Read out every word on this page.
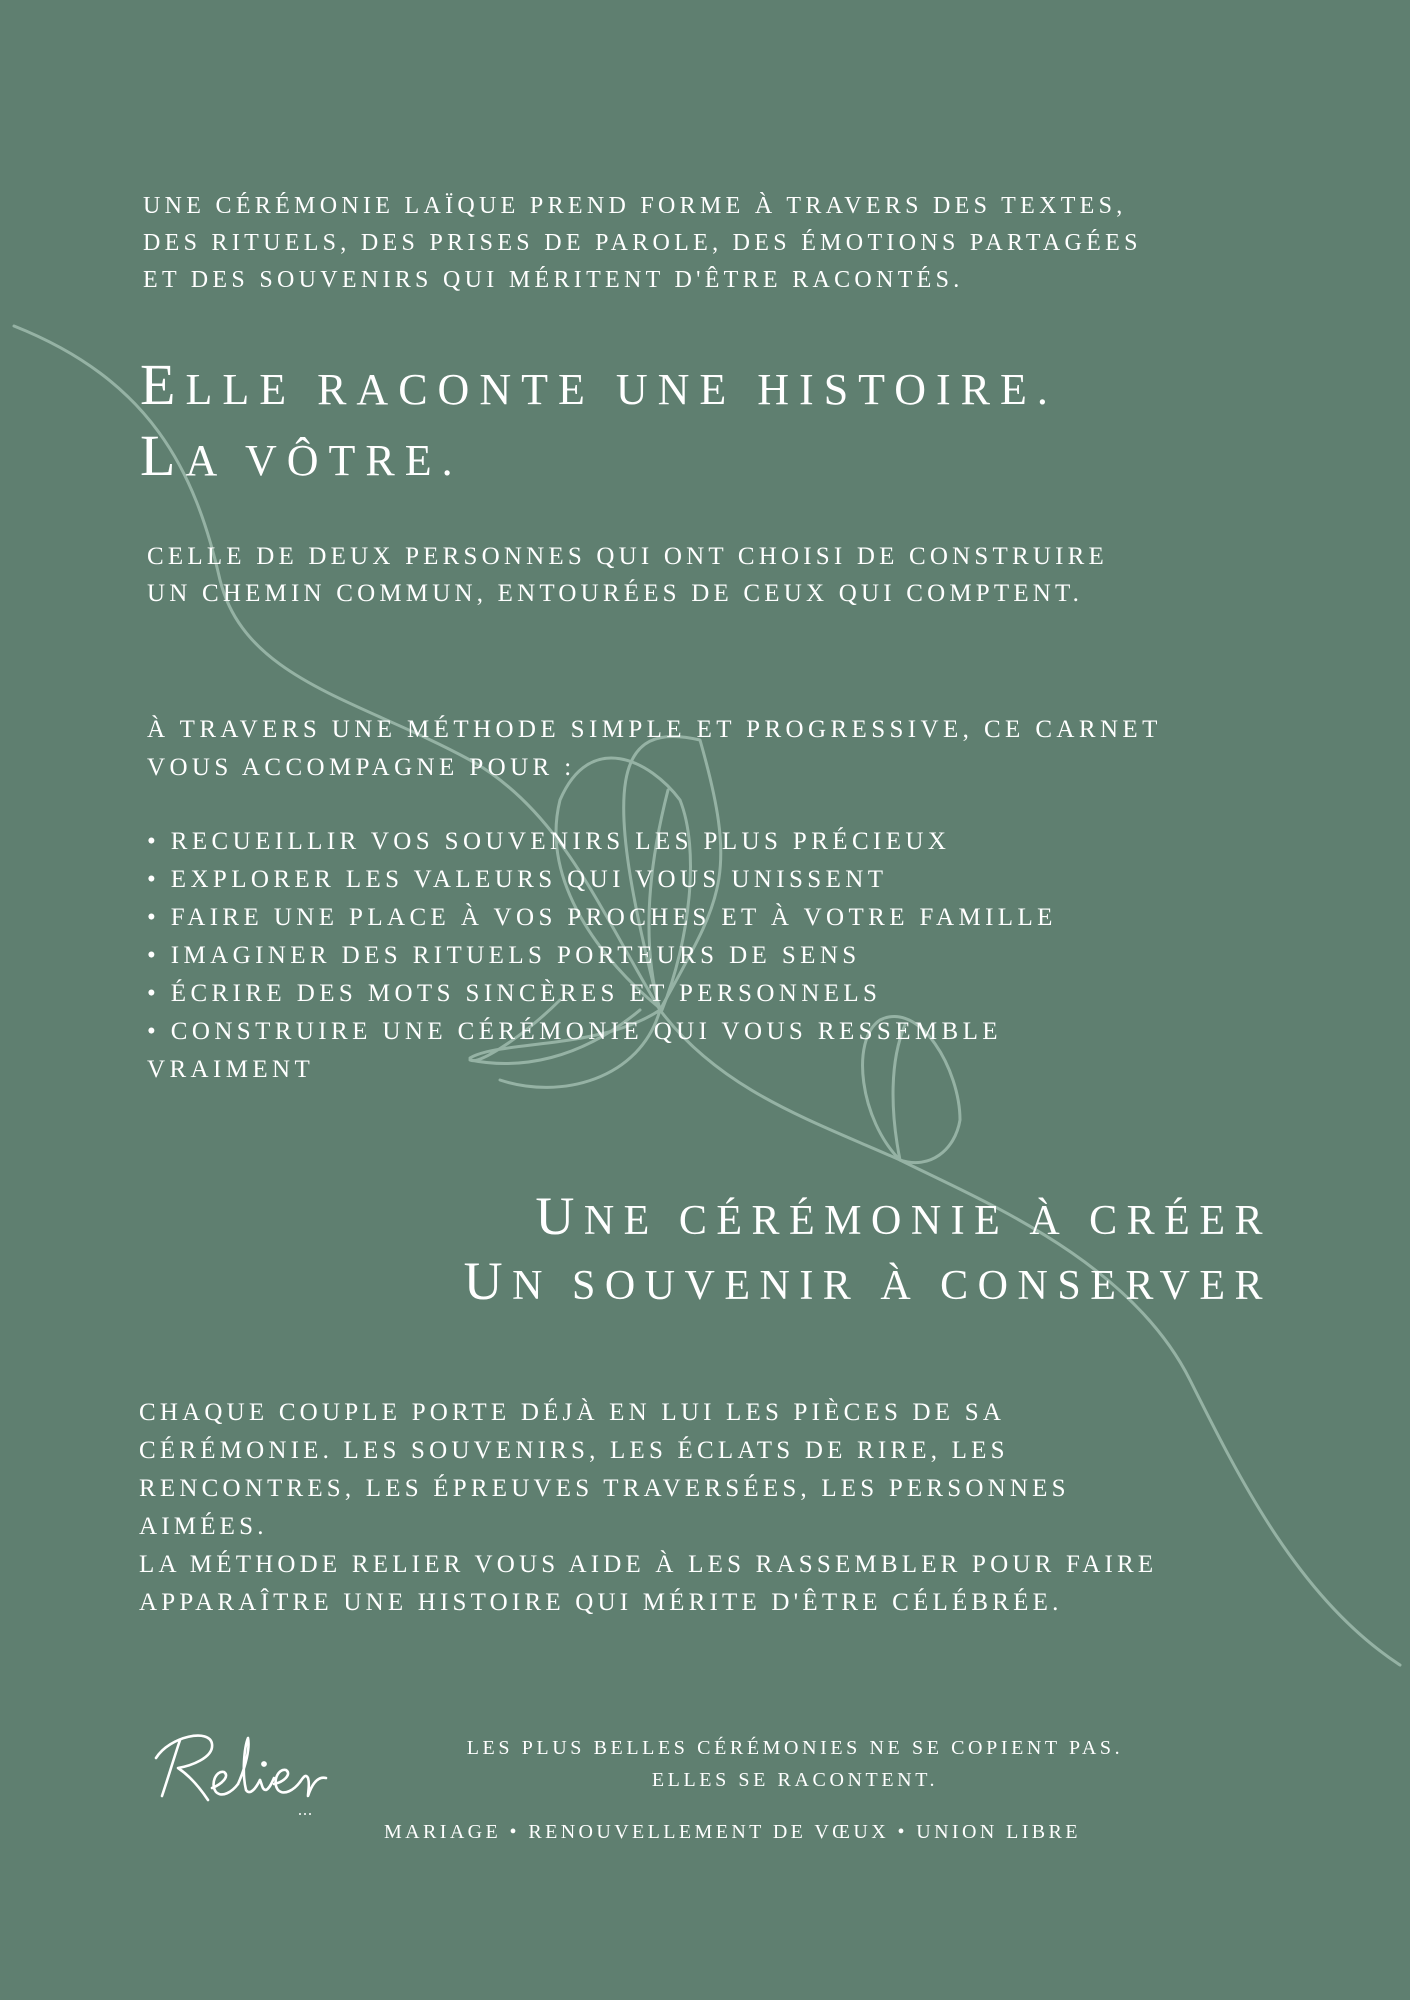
UNE CÉRÉMONIE LAÏQUE PREND FORME À TRAVERS DES TEXTES,
DES RITUELS, DES PRISES DE PAROLE, DES ÉMOTIONS PARTAGÉES
ET DES SOUVENIRS QUI MÉRITENT D'ÊTRE RACONTÉS.
ELLE RACONTE UNE HISTOIRE.
LA VÔTRE.
CELLE DE DEUX PERSONNES QUI ONT CHOISI DE CONSTRUIRE
UN CHEMIN COMMUN, ENTOURÉES DE CEUX QUI COMPTENT.
À TRAVERS UNE MÉTHODE SIMPLE ET PROGRESSIVE, CE CARNET
VOUS ACCOMPAGNE POUR :
• RECUEILLIR VOS SOUVENIRS LES PLUS PRÉCIEUX
• EXPLORER LES VALEURS QUI VOUS UNISSENT
• FAIRE UNE PLACE À VOS PROCHES ET À VOTRE FAMILLE
• IMAGINER DES RITUELS PORTEURS DE SENS
• ÉCRIRE DES MOTS SINCÈRES ET PERSONNELS
• CONSTRUIRE UNE CÉRÉMONIE QUI VOUS RESSEMBLE
VRAIMENT
UNE CÉRÉMONIE À CRÉER
UN SOUVENIR À CONSERVER
CHAQUE COUPLE PORTE DÉJÀ EN LUI LES PIÈCES DE SA
CÉRÉMONIE. LES SOUVENIRS, LES ÉCLATS DE RIRE, LES
RENCONTRES, LES ÉPREUVES TRAVERSÉES, LES PERSONNES
AIMÉES.
LA MÉTHODE RELIER VOUS AIDE À LES RASSEMBLER POUR FAIRE
APPARAÎTRE UNE HISTOIRE QUI MÉRITE D'ÊTRE CÉLÉBRÉE.
Relier
LES PLUS BELLES CÉRÉMONIES NE SE COPIENT PAS.
ELLES SE RACONTENT.
MARIAGE • RENOUVELLEMENT DE VŒUX • UNION LIBRE
